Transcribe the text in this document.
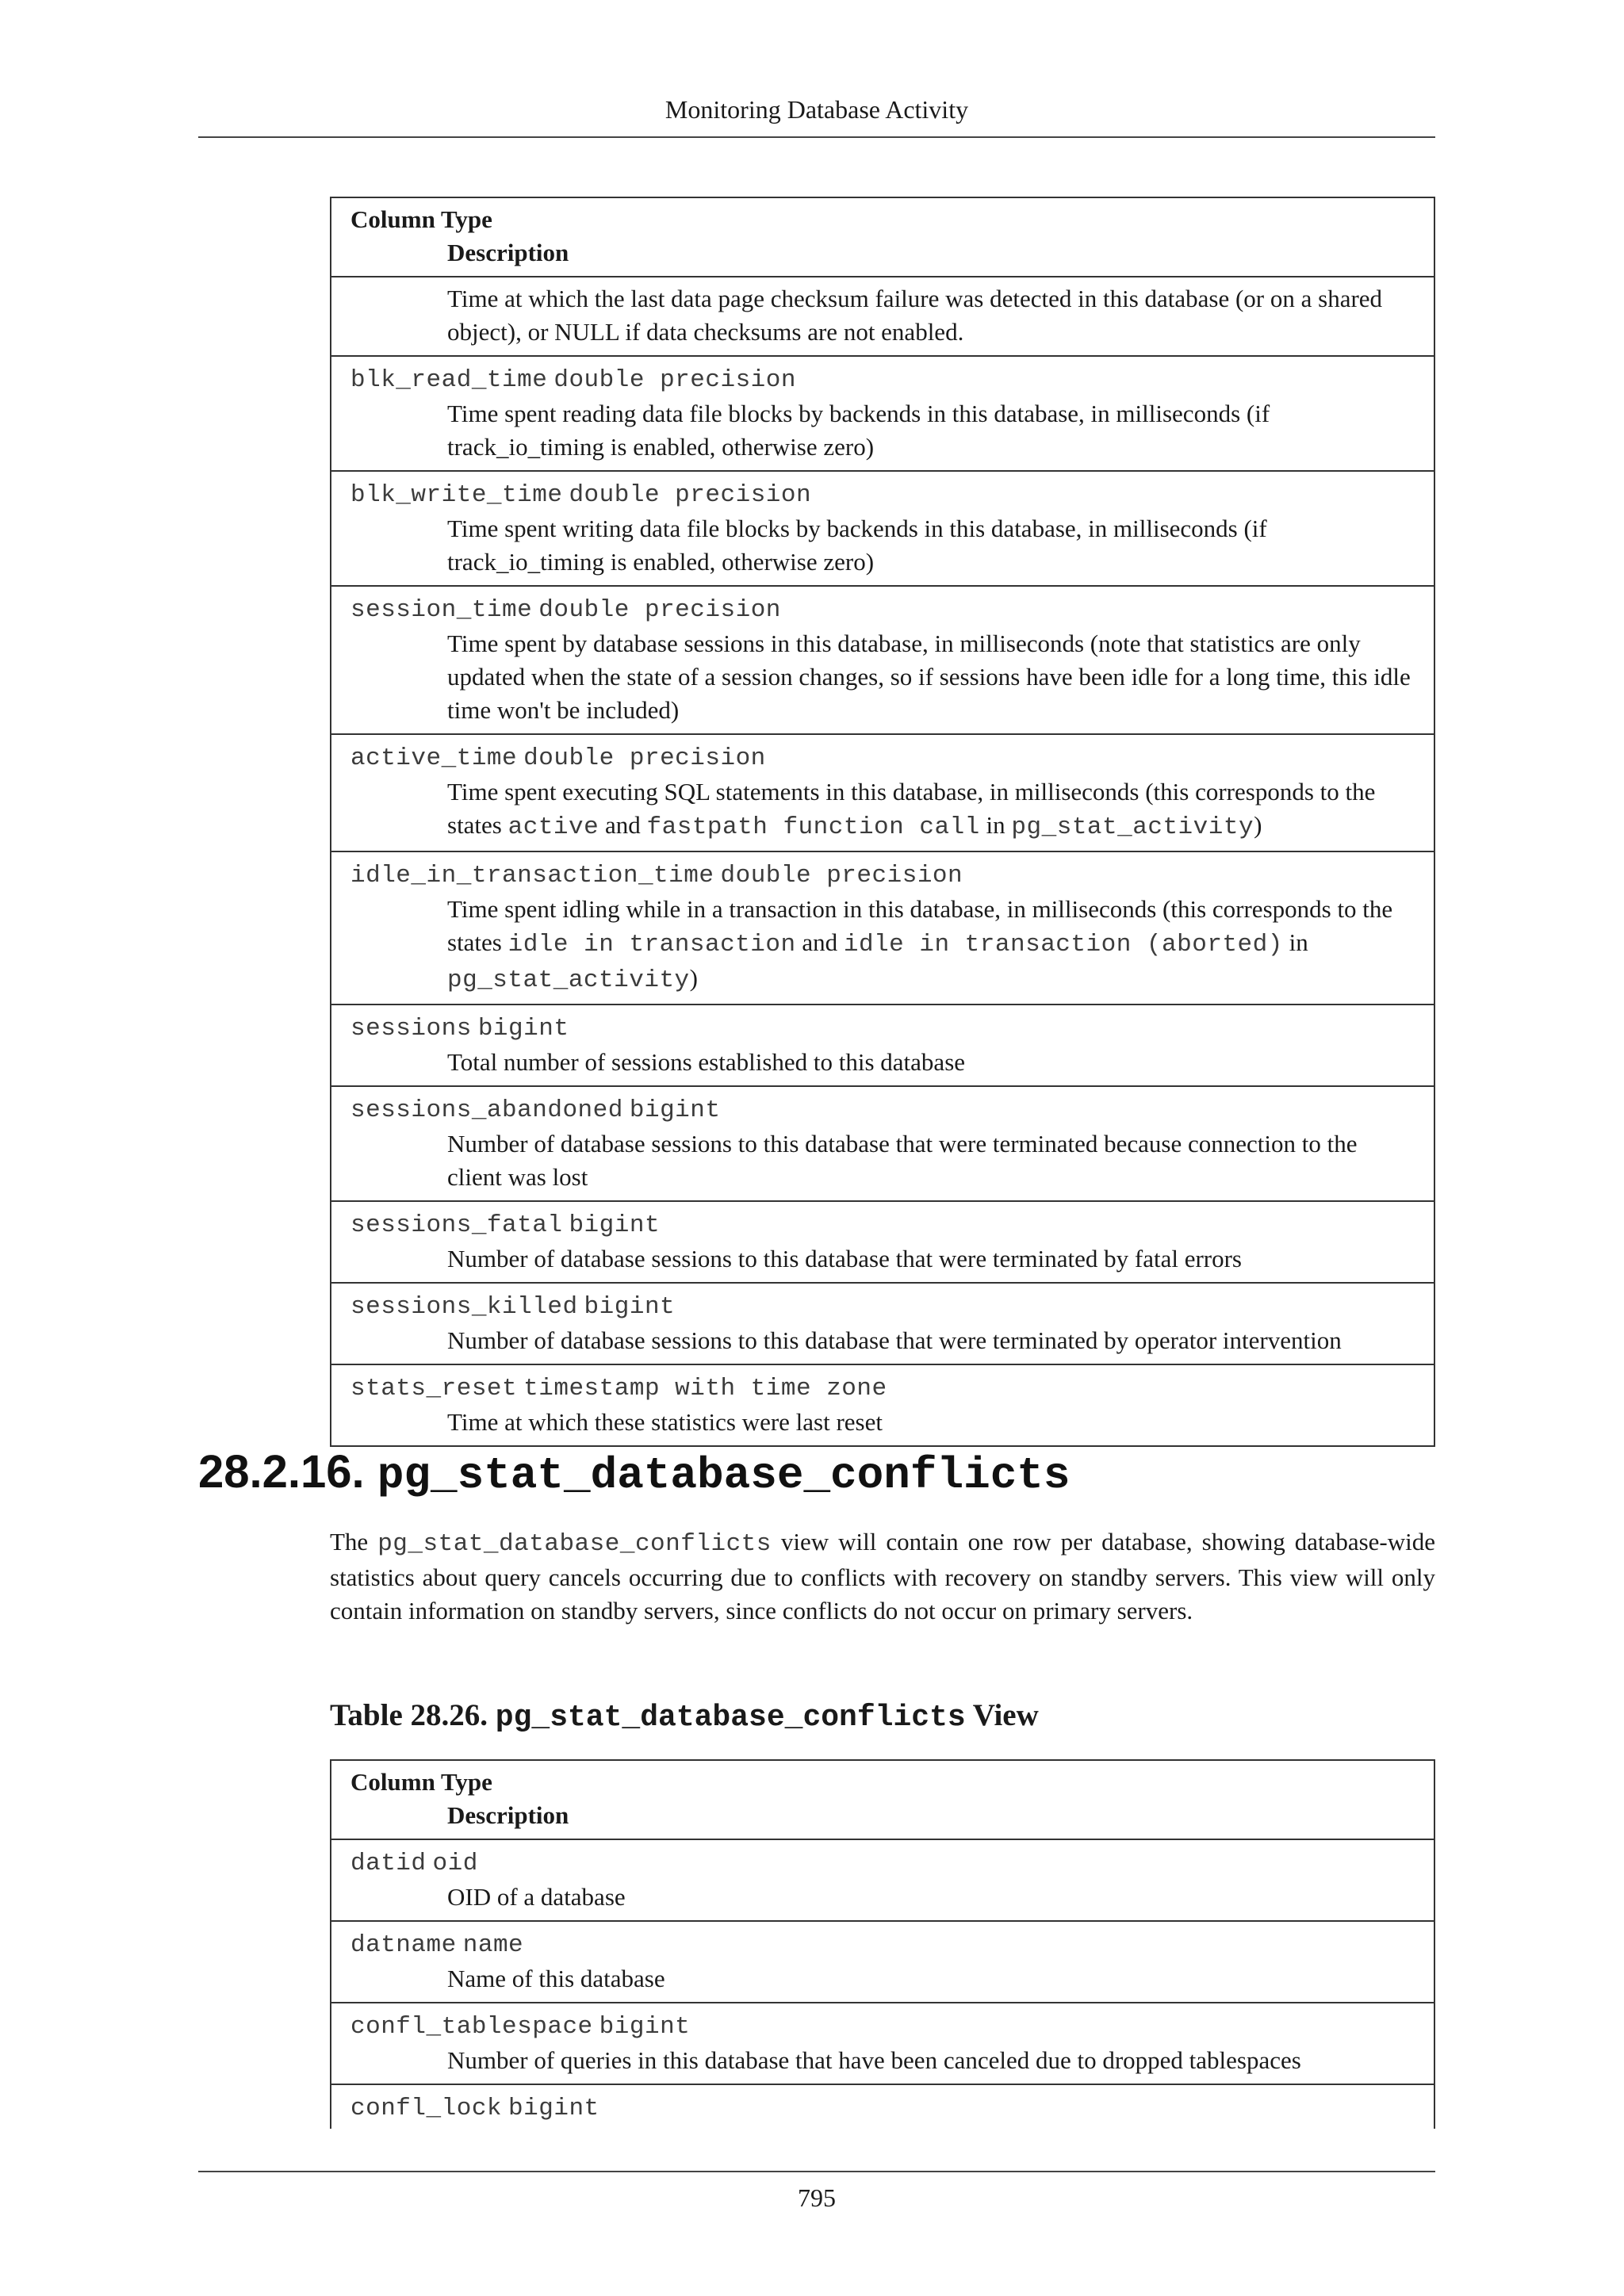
Monitoring Database Activity
Column Type
Description
Time at which the last data page checksum failure was detected in this database (or on a shared object), or NULL if data checksums are not enabled.
blk_read_time double precision
Time spent reading data file blocks by backends in this database, in milliseconds (if track_io_timing is enabled, otherwise zero)
blk_write_time double precision
Time spent writing data file blocks by backends in this database, in milliseconds (if track_io_timing is enabled, otherwise zero)
session_time double precision
Time spent by database sessions in this database, in milliseconds (note that statistics are only updated when the state of a session changes, so if sessions have been idle for a long time, this idle time won't be included)
active_time double precision
Time spent executing SQL statements in this database, in milliseconds (this corresponds to the states active and fastpath function call in pg_stat_activity)
idle_in_transaction_time double precision
Time spent idling while in a transaction in this database, in milliseconds (this corresponds to the states idle in transaction and idle in transaction (aborted) in pg_stat_activity)
sessions bigint
Total number of sessions established to this database
sessions_abandoned bigint
Number of database sessions to this database that were terminated because connection to the client was lost
sessions_fatal bigint
Number of database sessions to this database that were terminated by fatal errors
sessions_killed bigint
Number of database sessions to this database that were terminated by operator intervention
stats_reset timestamp with time zone
Time at which these statistics were last reset
28.2.16. pg_stat_database_conflicts
The pg_stat_database_conflicts view will contain one row per database, showing database-wide statistics about query cancels occurring due to conflicts with recovery on standby servers. This view will only contain information on standby servers, since conflicts do not occur on primary servers.
Table 28.26. pg_stat_database_conflicts View
Column Type
Description
datid oid
OID of a database
datname name
Name of this database
confl_tablespace bigint
Number of queries in this database that have been canceled due to dropped tablespaces
confl_lock bigint
795
